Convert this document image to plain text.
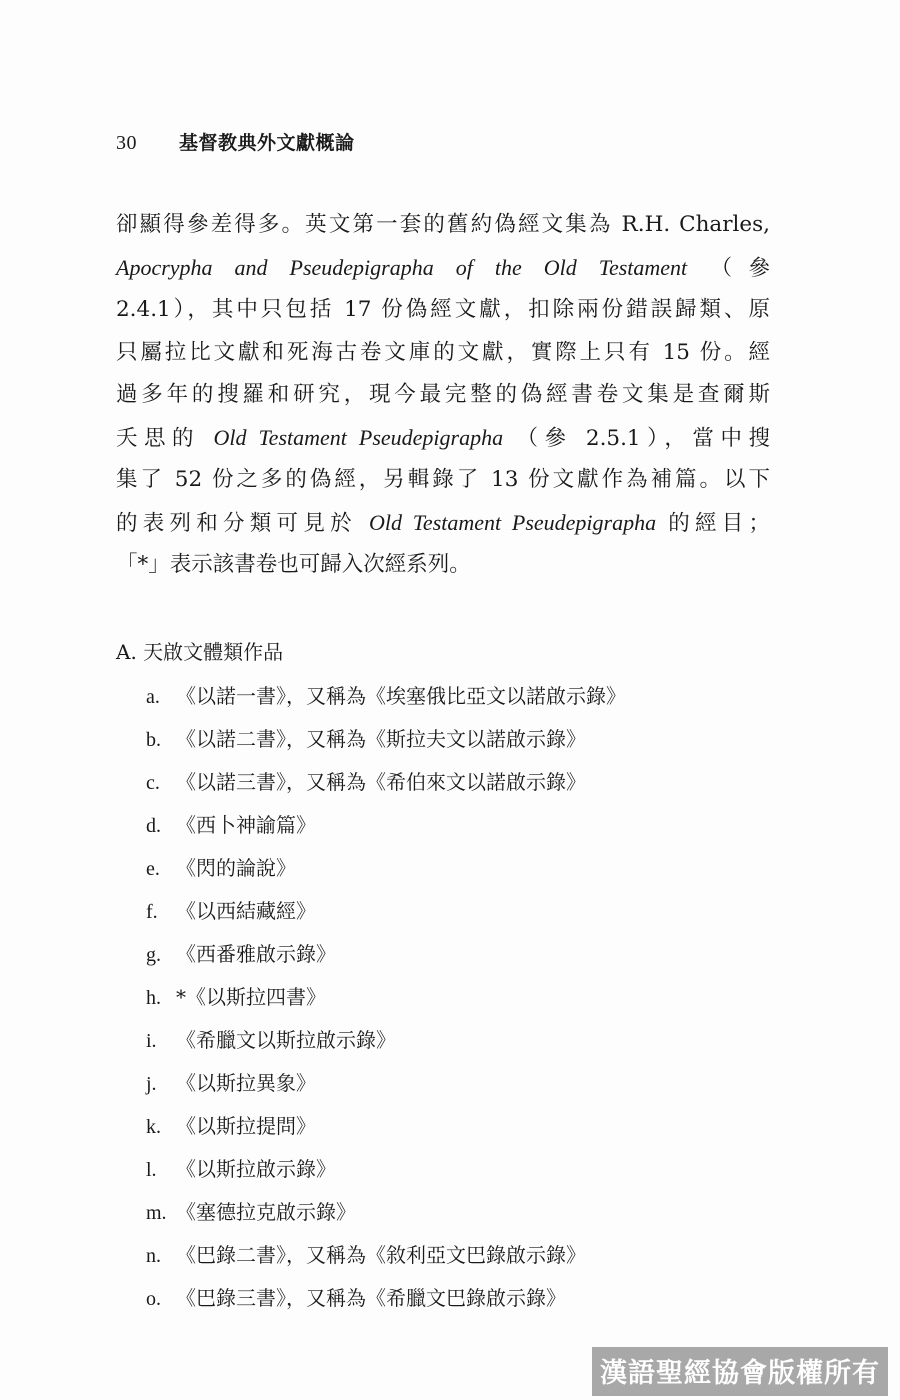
30 基督教典外文獻概論

卻顯得參差得多。英文第一套的舊約偽經文集為 R.H. Charles,
Apocrypha and Pseudepigrapha of the Old Testament （參
2.4.1），其中只包括 17 份偽經文獻，扣除兩份錯誤歸類、原
只屬拉比文獻和死海古卷文庫的文獻，實際上只有 15 份。經
過多年的搜羅和研究，現今最完整的偽經書卷文集是查爾斯
夭思的 Old Testament Pseudepigrapha （參 2.5.1），當中搜
集了 52 份之多的偽經，另輯錄了 13 份文獻作為補篇。以下
的表列和分類可見於 Old Testament Pseudepigrapha 的經目；
「*」表示該書卷也可歸入次經系列。

A. 天啟文體類作品
a. 《以諾一書》，又稱為《埃塞俄比亞文以諾啟示錄》
b. 《以諾二書》，又稱為《斯拉夫文以諾啟示錄》
c. 《以諾三書》，又稱為《希伯來文以諾啟示錄》
d. 《西卜神諭篇》
e. 《閃的論說》
f. 《以西結藏經》
g. 《西番雅啟示錄》
h. *《以斯拉四書》
i. 《希臘文以斯拉啟示錄》
j. 《以斯拉異象》
k. 《以斯拉提問》
l. 《以斯拉啟示錄》
m. 《塞德拉克啟示錄》
n. 《巴錄二書》，又稱為《敘利亞文巴錄啟示錄》
o. 《巴錄三書》，又稱為《希臘文巴錄啟示錄》
漢語聖經協會版權所有
